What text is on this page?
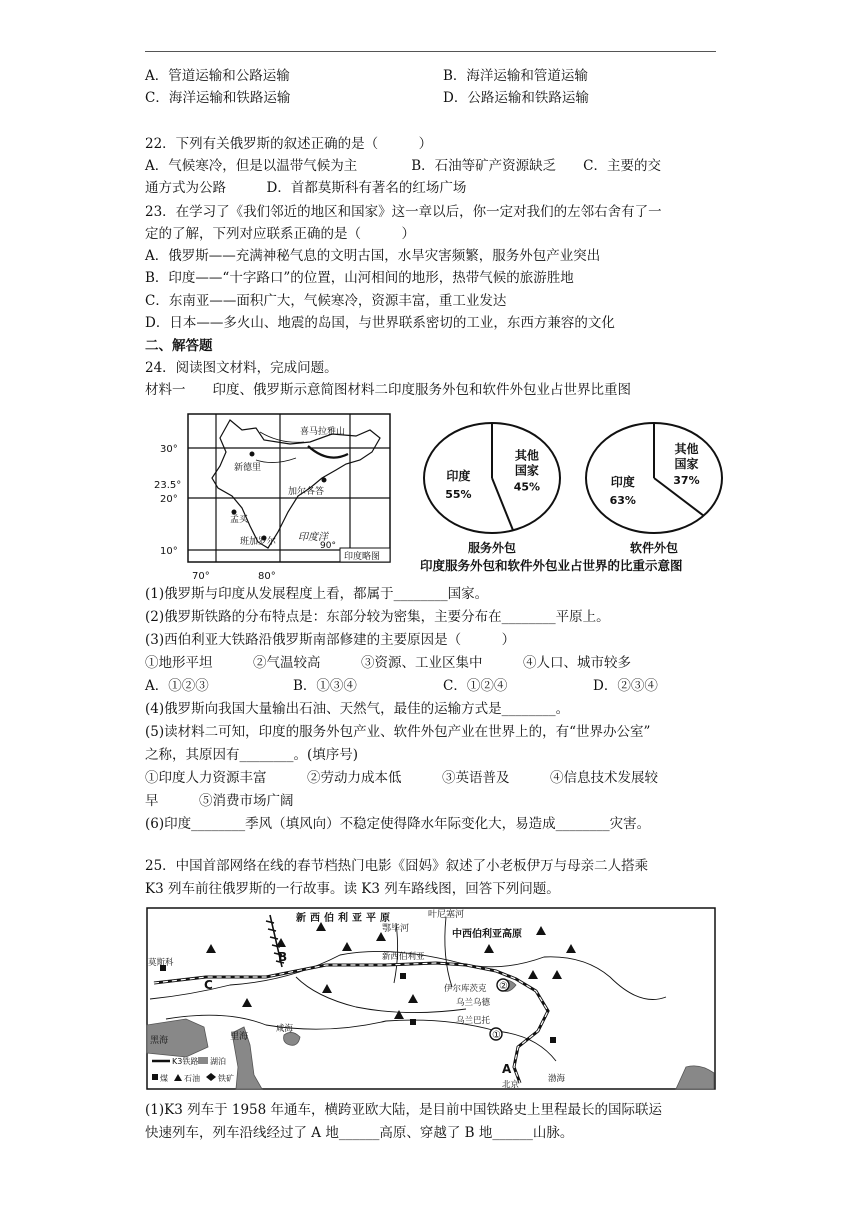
A．管道运输和公路运输	B．海洋运输和管道运输
C．海洋运输和铁路运输	D．公路运输和铁路运输
22．下列有关俄罗斯的叙述正确的是（　　　）
A．气候寒冷，但是以温带气候为主　　　　B．石油等矿产资源缺乏　　C．主要的交
通方式为公路　　　D．首都莫斯科有著名的红场广场
23．在学习了《我们邻近的地区和国家》这一章以后，你一定对我们的左邻右舍有了一
定的了解，下列对应联系正确的是（　　　）
A．俄罗斯——充满神秘气息的文明古国，水旱灾害频繁，服务外包产业突出
B．印度——“十字路口”的位置，山河相间的地形，热带气候的旅游胜地
C．东南亚——面积广大，气候寒冷，资源丰富，重工业发达
D．日本——多火山、地震的岛国，与世界联系密切的工业，东西方兼容的文化
二、解答题
24．阅读图文材料，完成问题。
材料一　　印度、俄罗斯示意简图材料二印度服务外包和软件外包业占世界比重图
喜马拉雅山
新德里
加尔各答
孟买
班加罗尔 印度洋
印度略图
30°
23.5°
20°
10°
70°	80°
90°
印度
55%
其他
国家
45%
服务外包
印度
63%
其他
国家
37%
软件外包
印度服务外包和软件外包业占世界的比重示意图
(1)俄罗斯与印度从发展程度上看，都属于________国家。
(2)俄罗斯铁路的分布特点是：东部分较为密集，主要分布在________平原上。
(3)西伯利亚大铁路沿俄罗斯南部修建的主要原因是（　　　）
①地形平坦　　　②气温较高　　　③资源、工业区集中　　　④人口、城市较多
A．①②③	B．①③④	C．①②④	D．②③④
(4)俄罗斯向我国大量输出石油、天然气，最佳的运输方式是________。
(5)读材料二可知，印度的服务外包产业、软件外包产业在世界上的，有“世界办公室”
之称，其原因有________。(填序号)
①印度人力资源丰富　　　②劳动力成本低　　　③英语普及　　　④信息技术发展较
早　　　⑤消费市场广阔
(6)印度________季风（填风向）不稳定使得降水年际变化大，易造成________灾害。
25．中国首部网络在线的春节档热门电影《囧妈》叙述了小老板伊万与母亲二人搭乘
K3 列车前往俄罗斯的一行故事。读 K3 列车路线图，回答下列问题。
②
①
新西伯利亚平原
中西伯利亚高原
叶尼塞河
鄂毕河
新西伯利亚
莫斯科
伊尔库茨克
乌兰乌德
乌兰巴托
北京
渤海
黑海	里海
咸海
A
B
C
K3铁路 湖泊
煤 石油 铁矿
(1)K3 列车于 1958 年通车，横跨亚欧大陆，是目前中国铁路史上里程最长的国际联运
快速列车，列车沿线经过了 A 地______高原、穿越了 B 地______山脉。
